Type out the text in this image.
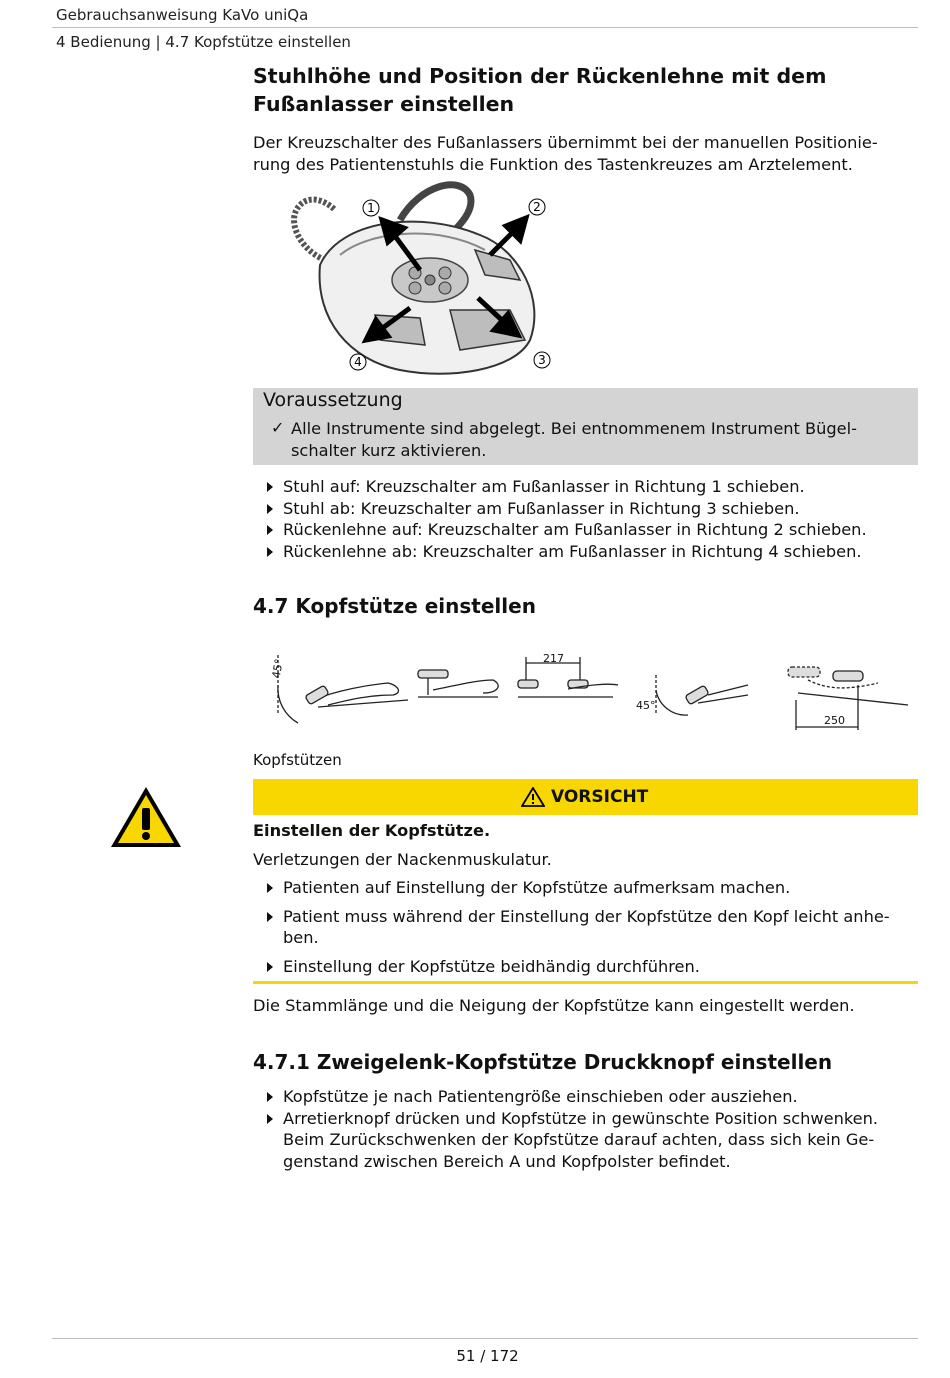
Gebrauchsanweisung KaVo uniQa
4 Bedienung | 4.7 Kopfstütze einstellen
Stuhlhöhe und Position der Rückenlehne mit dem Fußanlasser einstellen
Der Kreuzschalter des Fußanlassers übernimmt bei der manuellen Positionie-rung des Patientenstuhls die Funktion des Tastenkreuzes am Arztelement.
1	2
3
4
Voraussetzung
✓ Alle Instrumente sind abgelegt. Bei entnommenem Instrument Bügel-schalter kurz aktivieren.
Stuhl auf: Kreuzschalter am Fußanlasser in Richtung 1 schieben.
Stuhl ab: Kreuzschalter am Fußanlasser in Richtung 3 schieben.
Rückenlehne auf: Kreuzschalter am Fußanlasser in Richtung 2 schieben.
Rückenlehne ab: Kreuzschalter am Fußanlasser in Richtung 4 schieben.
4.7 Kopfstütze einstellen
45°	217
45°
250
Kopfstützen
VORSICHT
Einstellen der Kopfstütze.
Verletzungen der Nackenmuskulatur.
Patienten auf Einstellung der Kopfstütze aufmerksam machen.
Patient muss während der Einstellung der Kopfstütze den Kopf leicht anhe-ben.
Einstellung der Kopfstütze beidhändig durchführen.
Die Stammlänge und die Neigung der Kopfstütze kann eingestellt werden.
4.7.1 Zweigelenk-Kopfstütze Druckknopf einstellen
Kopfstütze je nach Patientengröße einschieben oder ausziehen.
Arretierknopf drücken und Kopfstütze in gewünschte Position schwenken. Beim Zurückschwenken der Kopfstütze darauf achten, dass sich kein Ge-genstand zwischen Bereich A und Kopfpolster befindet.
51 / 172
